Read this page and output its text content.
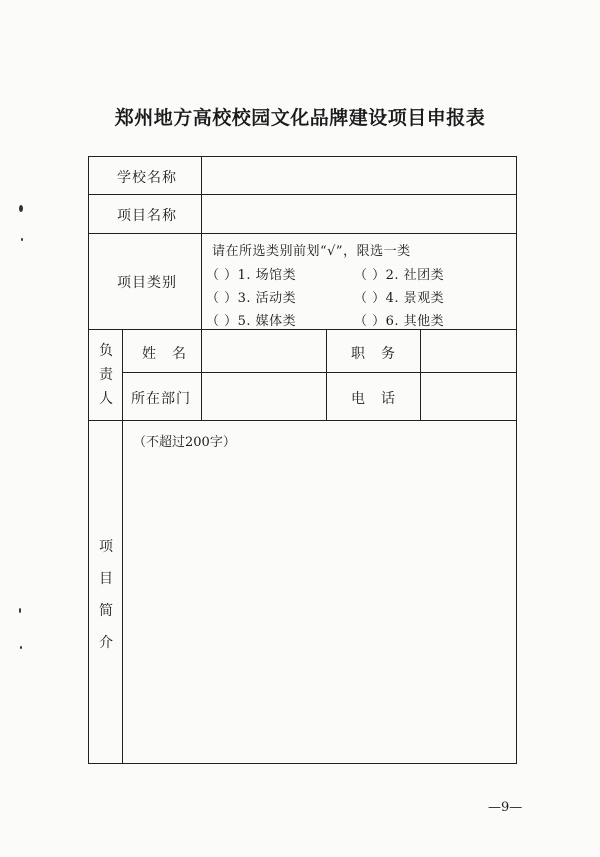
郑州地方高校校园文化品牌建设项目申报表
学校名称
项目名称
项目类别
请在所选类别前划“√”，限选一类
（ ）1. 场馆类	（ ）2. 社团类
（ ）3. 活动类	（ ）4. 景观类
（ ）5. 媒体类	（ ）6. 其他类
负
责
人
姓　名	职　务
所在部门	电　话
项
目
简
介
（不超过200字）
—9—
